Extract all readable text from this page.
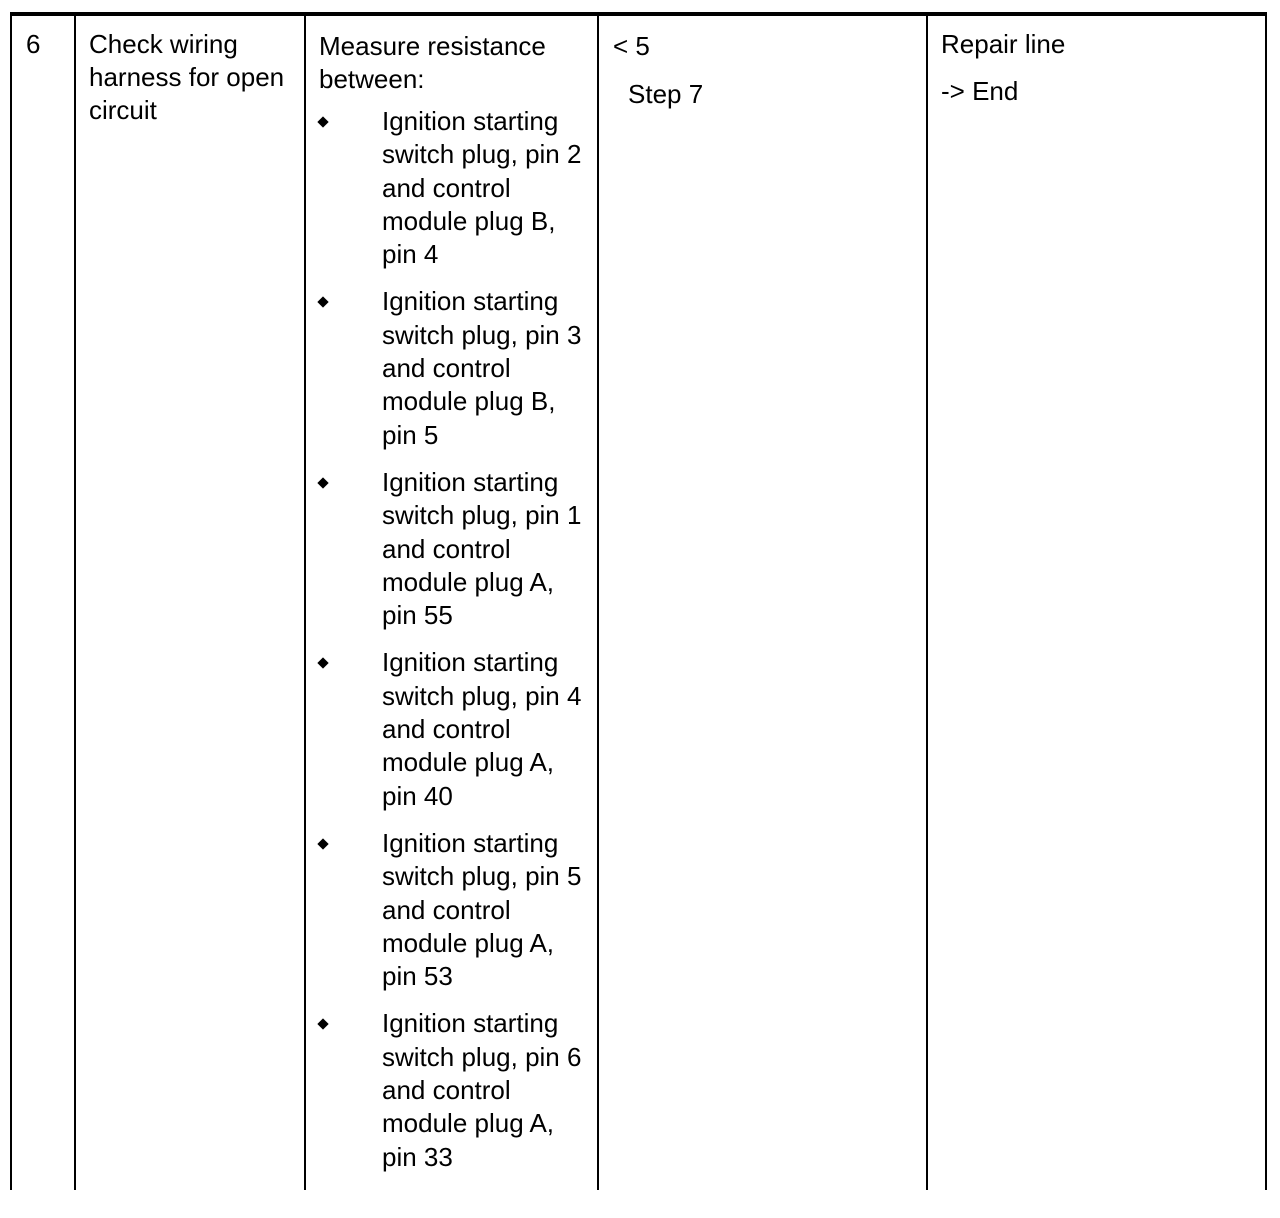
6 Check wiring harness for open circuit
Measure resistance between:
Ignition starting switch plug, pin 2 and control module plug B, pin 4
Ignition starting switch plug, pin 3 and control module plug B, pin 5
Ignition starting switch plug, pin 1 and control module plug A, pin 55
Ignition starting switch plug, pin 4 and control module plug A, pin 40
Ignition starting switch plug, pin 5 and control module plug A, pin 53
Ignition starting switch plug, pin 6 and control module plug A, pin 33
< 5
Step 7
Repair line
-> End
